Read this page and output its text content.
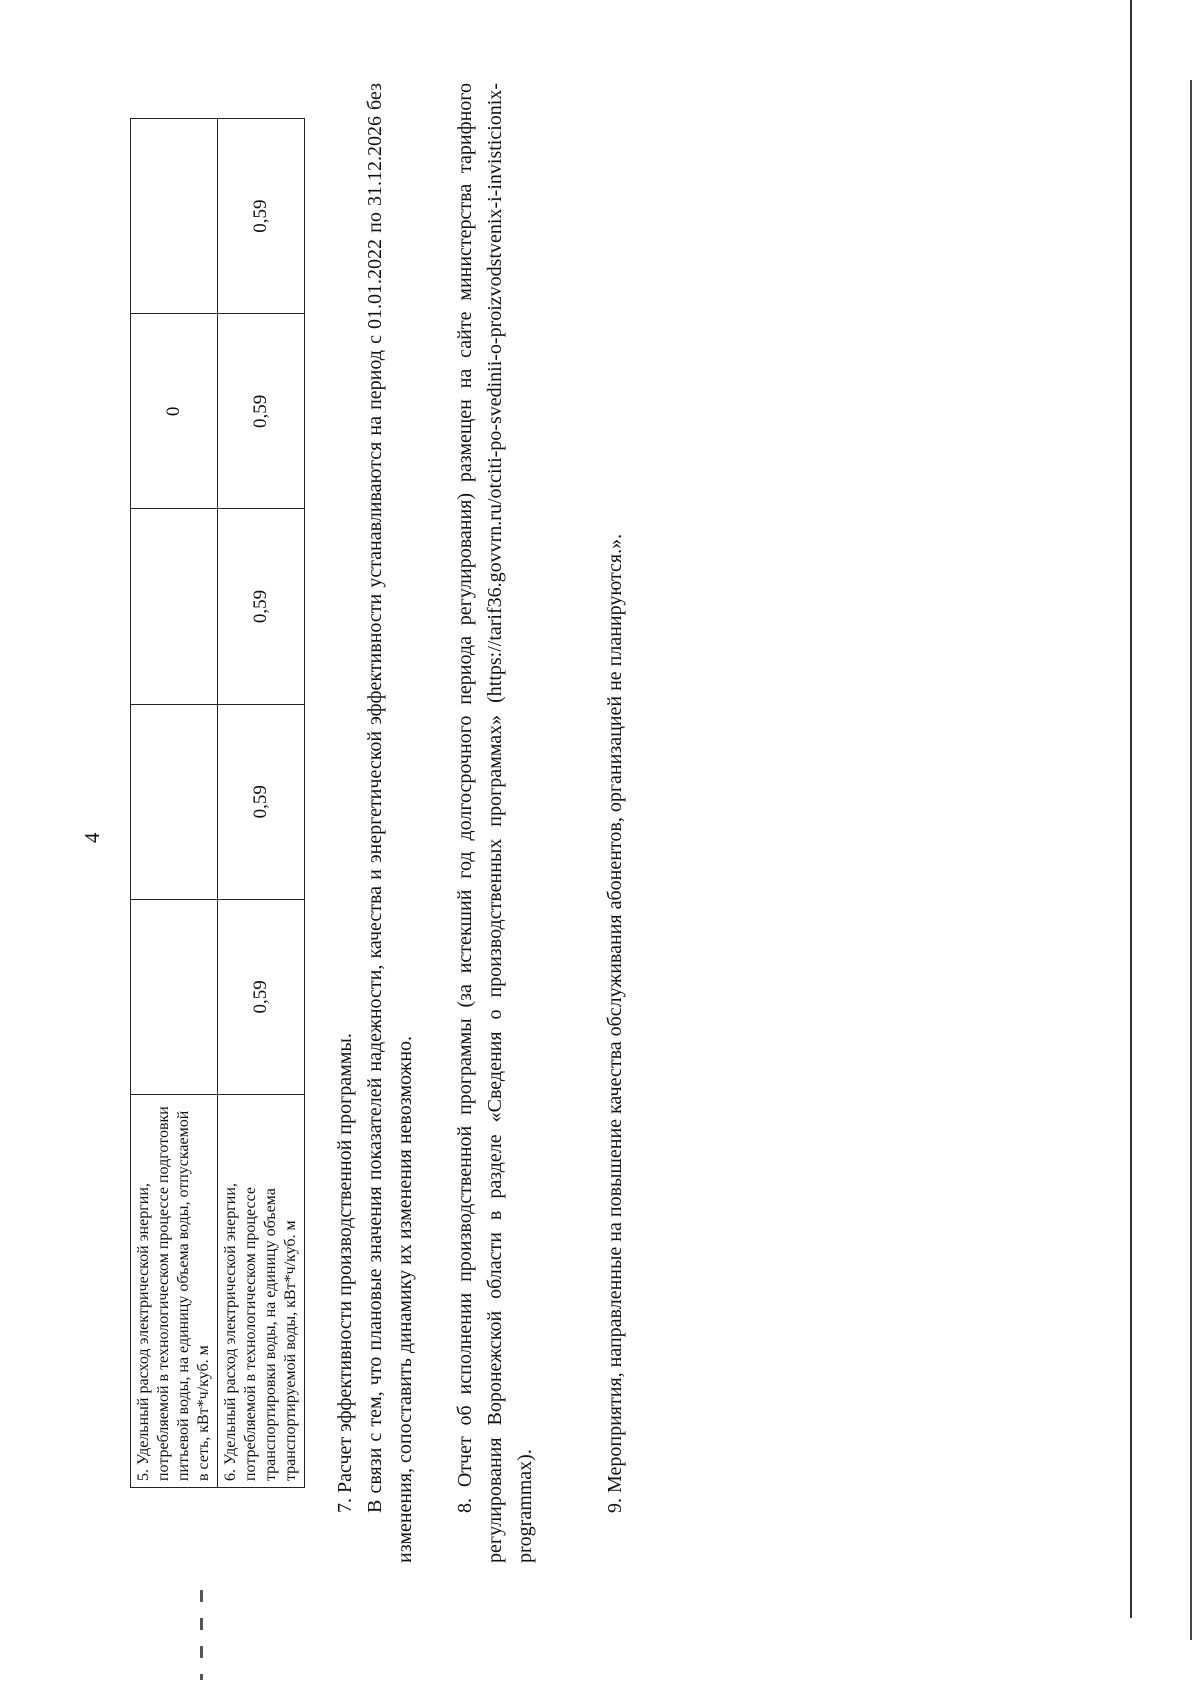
4
5. Удельный расход электрической энергии, потребляемой в технологическом процессе подготовки питьевой воды, на единицу объема воды, отпускаемой в сеть, кВт*ч/куб. м				0	
6. Удельный расход электрической энергии, потребляемой в технологическом процессе транспортировки воды, на единицу объема транспортируемой воды, кВт*ч/куб. м	0,59	0,59	0,59	0,59	0,59

7. Расчет эффективности производственной программы. В связи с тем, что плановые значения показателей надежности, качества и энергетической эффективности устанавливаются на период с 01.01.2022 по 31.12.2026 без изменения, сопоставить динамику их изменения невозможно. 8. Отчет об исполнении производственной программы (за истекший год долгосрочного периода регулирования) размещен на сайте министерства тарифного регулирования Воронежской области в разделе «Сведения о производственных программах» (https://tarif36.govvrn.ru/otciti-po-svedinii-o-proizvodstvenix-i-invisticionix-programmax).	9. Мероприятия, направленные на повышение качества обслуживания абонентов, организацией не планируются.».
